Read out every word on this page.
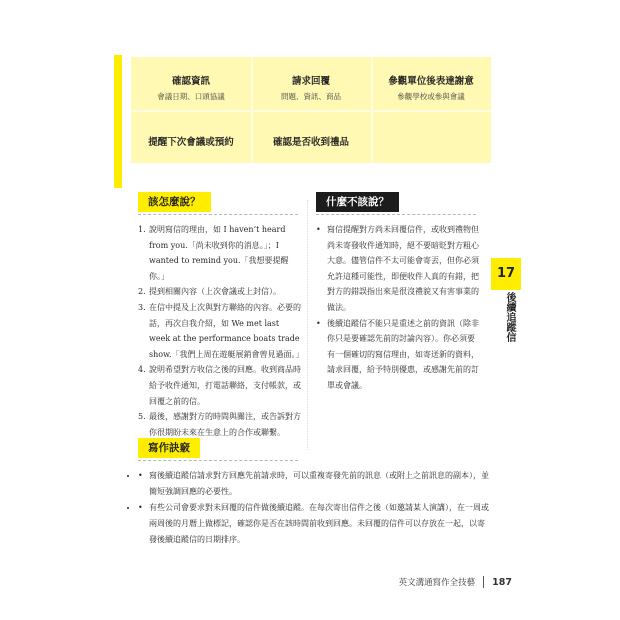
確認資訊
會議日期、口頭協議
請求回覆
問題、資訊、商品
參觀單位後表達謝意
參觀學校或參與會議
提醒下次會議或預約	確認是否收到禮品
該怎麼說？
1. 說明寫信的理由，如 I haven’t heard from you.「尚未收到你的消息。」；I wanted to remind you.「我想要提醒你。」
2. 提到相關內容（上次會議或上封信）。
3. 在信中提及上次與對方聯絡的內容。必要的話，再次自我介紹，如 We met last week at the performance boats trade show.「我們上周在遊艇展銷會曾見過面。」
4. 說明希望對方收信之後的回應。收到商品時給予收件通知，打電話聯絡，支付帳款，或回覆之前的信。
5. 最後，感謝對方的時間與關注，或告訴對方你很期盼未來在生意上的合作或聯繫。
什麼不該說？
• 寫信提醒對方尚未回覆信件，或收到禮物但尚未寄發收件通知時，絕不要暗貶對方粗心大意。儘管信件不太可能會寄丟，但你必須允許這種可能性，即便收件人真的有錯，把對方的錯誤指出來是很沒禮貌又有害事業的做法。
• 後續追蹤信不能只是重述之前的資訊（除非你只是要確認先前的討論內容）。你必須要有一個確切的寫信理由，如寄送新的資料，請求回覆，給予特別優惠，或感謝先前的訂單或會議。
17
後續追蹤信
寫作訣竅
• • 寫後續追蹤信請求對方回應先前請求時，可以重複寄發先前的訊息（或附上之前訊息的副本），並簡短強調回應的必要性。
• • 有些公司會要求對未回覆的信件做後續追蹤。在每次寄出信件之後（如邀請某人演講），在一周或兩周後的月曆上做標記，確認你是否在該時間前收到回應。未回覆的信件可以存放在一起，以寄發後續追蹤信的日期排序。
英文溝通寫作全技藝 187
